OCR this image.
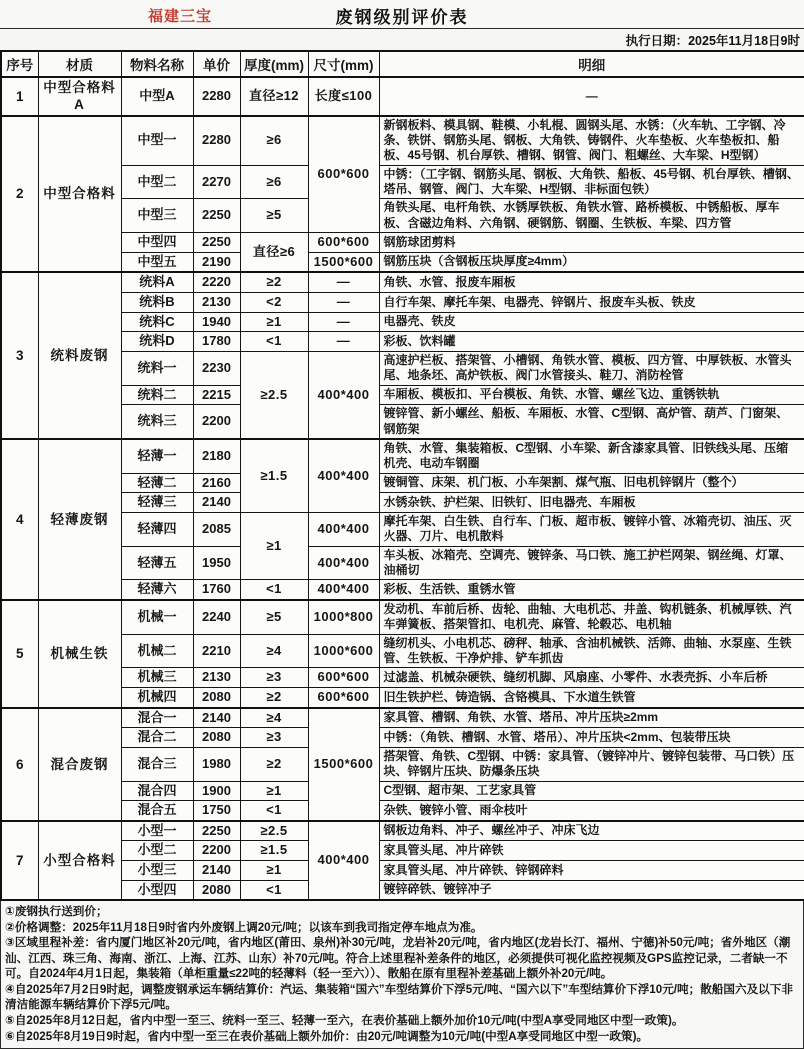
福建三宝	废钢级别评价表
执行日期：2025年11月18日9时
序号	材质	物料名称	单价	厚度(mm)	尺寸(mm)	明细
1	中型合格料A	中型A	2280	直径≥12	长度≤100	—
2	中型合格料	中型一	2280	≥6	600*600	新钢板料、模具钢、鞋模、小轧棍、圆钢头尾、水锈：（火车轨、工字钢、冷条、铁饼、钢筋头尾、钢板、大角铁、铸钢件、火车垫板、火车垫板扣、船板、45号钢、机台厚铁、槽钢、钢管、阀门、粗螺丝、大车梁、H型钢）
		中型二	2270	≥6		中锈：（工字钢、钢筋头尾、钢板、大角铁、船板、45号钢、机台厚铁、槽钢、塔吊、钢管、阀门、大车梁、H型钢、非标面包铁）
		中型三	2250	≥5		角铁头尾、电杆角铁、水锈厚铁板、角铁水管、路桥模板、中锈船板、厚车板、含磁边角料、六角钢、硬钢筋、钢圈、生铁板、车梁、四方管
		中型四	2250	直径≥6	600*600	钢筋球团剪料
		中型五	2190		1500*600	钢筋压块（含钢板压块厚度≥4mm）
3	统料废钢	统料A	2220	≥2	—	角铁、水管、报废车厢板
		统料B	2130	<2	—	自行车架、摩托车架、电器壳、锌钢片、报废车头板、铁皮
		统料C	1940	≥1	—	电器壳、铁皮
		统料D	1780	<1	—	彩板、饮料罐
		统料一	2230	≥2.5	400*400	高速护栏板、搭架管、小槽钢、角铁水管、模板、四方管、中厚铁板、水管头尾、地条坯、高炉铁板、阀门水管接头、鞋刀、消防栓管
		统料二	2215			车厢板、模板扣、平台模板、角铁、水管、螺丝飞边、重锈铁轨
		统料三	2200			镀锌管、新小螺丝、船板、车厢板、水管、C型钢、高炉管、葫芦、门窗架、钢筋架
4	轻薄废钢	轻薄一	2180	≥1.5	400*400	角铁、水管、集装箱板、C型钢、小车梁、新含漆家具管、旧铁线头尾、压缩机壳、电动车钢圈
		轻薄二	2160			镀铜管、床架、机门板、小车架割、煤气瓶、旧电机锌钢片（整个）
		轻薄三	2140			水锈杂铁、护栏架、旧铁钉、旧电器壳、车厢板
		轻薄四	2085	≥1	400*400	摩托车架、白生铁、自行车、门板、超市板、镀锌小管、冰箱壳切、油压、灭火器、刀片、电机散料
		轻薄五	1950		400*400	车头板、冰箱壳、空调壳、镀锌条、马口铁、施工护栏网架、钢丝绳、灯罩、油桶切
		轻薄六	1760	<1	400*400	彩板、生活铁、重锈水管
5	机械生铁	机械一	2240	≥5	1000*800	发动机、车前后桥、齿轮、曲轴、大电机芯、井盖、钩机链条、机械厚铁、汽车弹簧板、搭架管扣、电机壳、麻管、轮毂芯、电机轴
		机械二	2210	≥4	1000*600	缝纫机头、小电机芯、磅秤、轴承、含油机械铁、活筛、曲轴、水泵座、生铁管、生铁板、干净炉排、铲车抓齿
		机械三	2130	≥3	600*600	过滤盖、机械杂硬铁、缝纫机脚、风扇座、小零件、水表壳拆、小车后桥
		机械四	2080	≥2	600*600	旧生铁护栏、铸造锅、含铬模具、下水道生铁管
6	混合废钢	混合一	2140	≥4	1500*600	家具管、槽钢、角铁、水管、塔吊、冲片压块≥2mm
		混合二	2080	≥3		中锈：（角铁、槽钢、水管、塔吊）、冲片压块<2mm、包装带压块
		混合三	1980	≥2		搭架管、角铁、C型钢、中锈：家具管、（镀锌冲片、镀锌包装带、马口铁）压块、锌钢片压块、防爆条压块
		混合四	1900	≥1		C型钢、超市架、工艺家具管
		混合五	1750	<1		杂铁、镀锌小管、雨伞枝叶
7	小型合格料	小型一	2250	≥2.5	400*400	钢板边角料、冲子、螺丝冲子、冲床飞边
		小型二	2200	≥1.5		家具管头尾、冲片碎铁
		小型三	2140	≥1		家具管头尾、冲片碎铁、锌钢碎料
		小型四	2080	<1		镀锌碎铁、镀锌冲子
①废钢执行送到价；
②价格调整：2025年11月18日9时省内外废钢上调20元/吨；以该车到我司指定停车地点为准。
③区域里程补差：省内厦门地区补20元/吨，省内地区(莆田、泉州)补30元/吨，龙岩补20元/吨，省内地区(龙岩长汀、福州、宁德)补50元/吨；省外地区（潮汕、江西、珠三角、海南、浙江、上海、江苏、山东）补70元/吨。符合上述里程补差条件的地区，必须提供可视化监控视频及GPS监控记录，二者缺一不可。自2024年4月1日起，集装箱（单柜重量≤22吨的轻薄料（轻一至六））、散船在原有里程补差基础上额外补20元/吨。
④自2025年7月2日9时起，调整废钢承运车辆结算价：汽运、集装箱“国六”车型结算价下浮5元/吨、“国六以下”车型结算价下浮10元/吨；散船国六及以下非清洁能源车辆结算价下浮5元/吨。
⑤自2025年8月12日起，省内中型一至三、统料一至三、轻薄一至六，在表价基础上额外加价10元/吨(中型A享受同地区中型一政策)。
⑥自2025年8月19日9时起，省内中型一至三在表价基础上额外加价：由20元/吨调整为10元/吨(中型A享受同地区中型一政策)。
